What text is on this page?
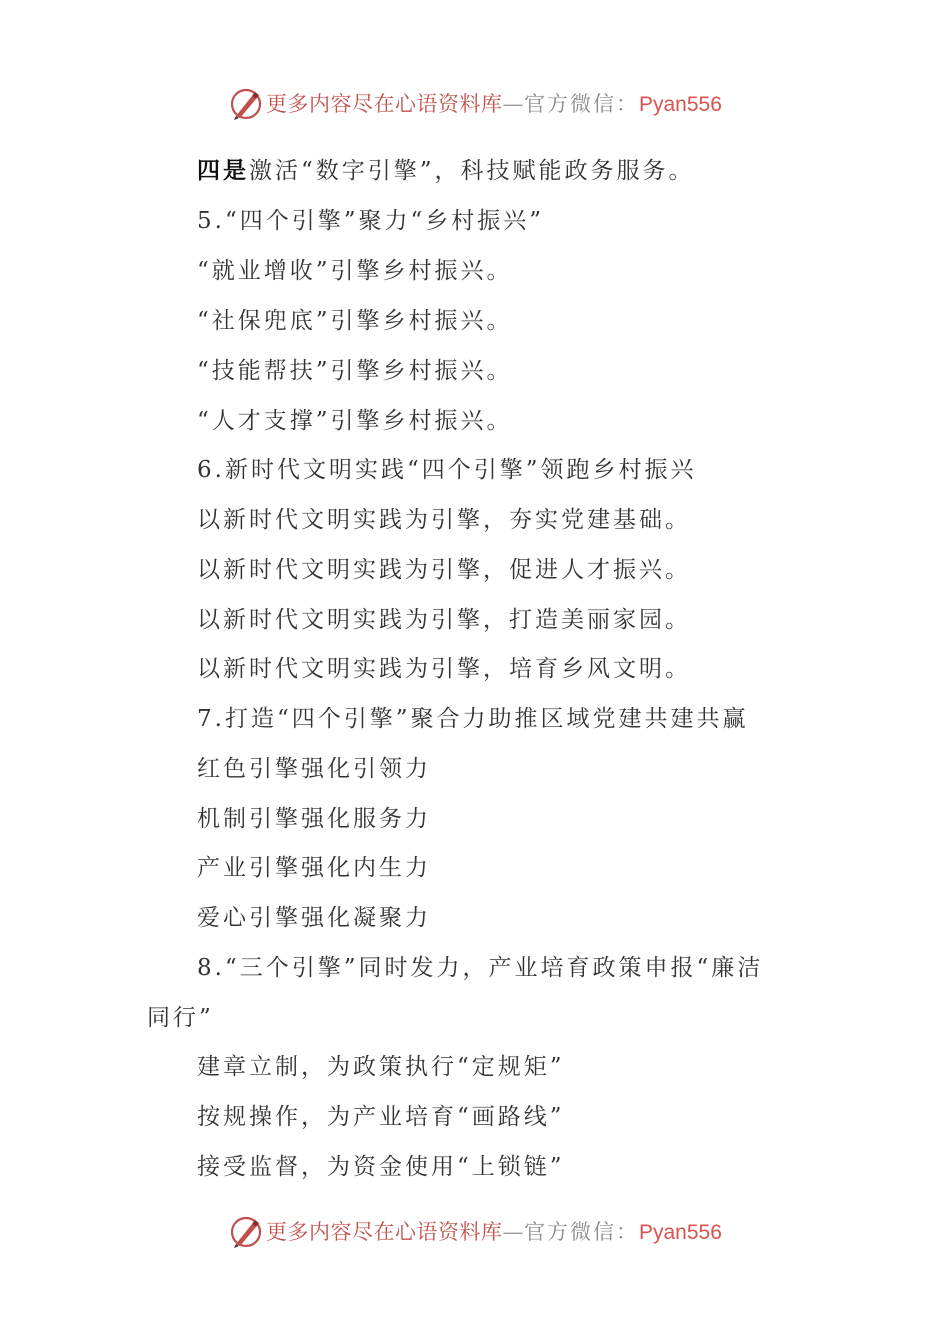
更多内容尽在心语资料库—官方微信：Pyan556
四是激活“数字引擎”，科技赋能政务服务。
5.“四个引擎”聚力“乡村振兴”
“就业增收”引擎乡村振兴。
“社保兜底”引擎乡村振兴。
“技能帮扶”引擎乡村振兴。
“人才支撑”引擎乡村振兴。
6.新时代文明实践“四个引擎”领跑乡村振兴
以新时代文明实践为引擎，夯实党建基础。
以新时代文明实践为引擎，促进人才振兴。
以新时代文明实践为引擎，打造美丽家园。
以新时代文明实践为引擎，培育乡风文明。
7.打造“四个引擎”聚合力助推区域党建共建共赢
红色引擎强化引领力
机制引擎强化服务力
产业引擎强化内生力
爱心引擎强化凝聚力
8.“三个引擎”同时发力，产业培育政策申报“廉洁
同行”
建章立制，为政策执行“定规矩”
按规操作，为产业培育“画路线”
接受监督，为资金使用“上锁链”
更多内容尽在心语资料库—官方微信：Pyan556
